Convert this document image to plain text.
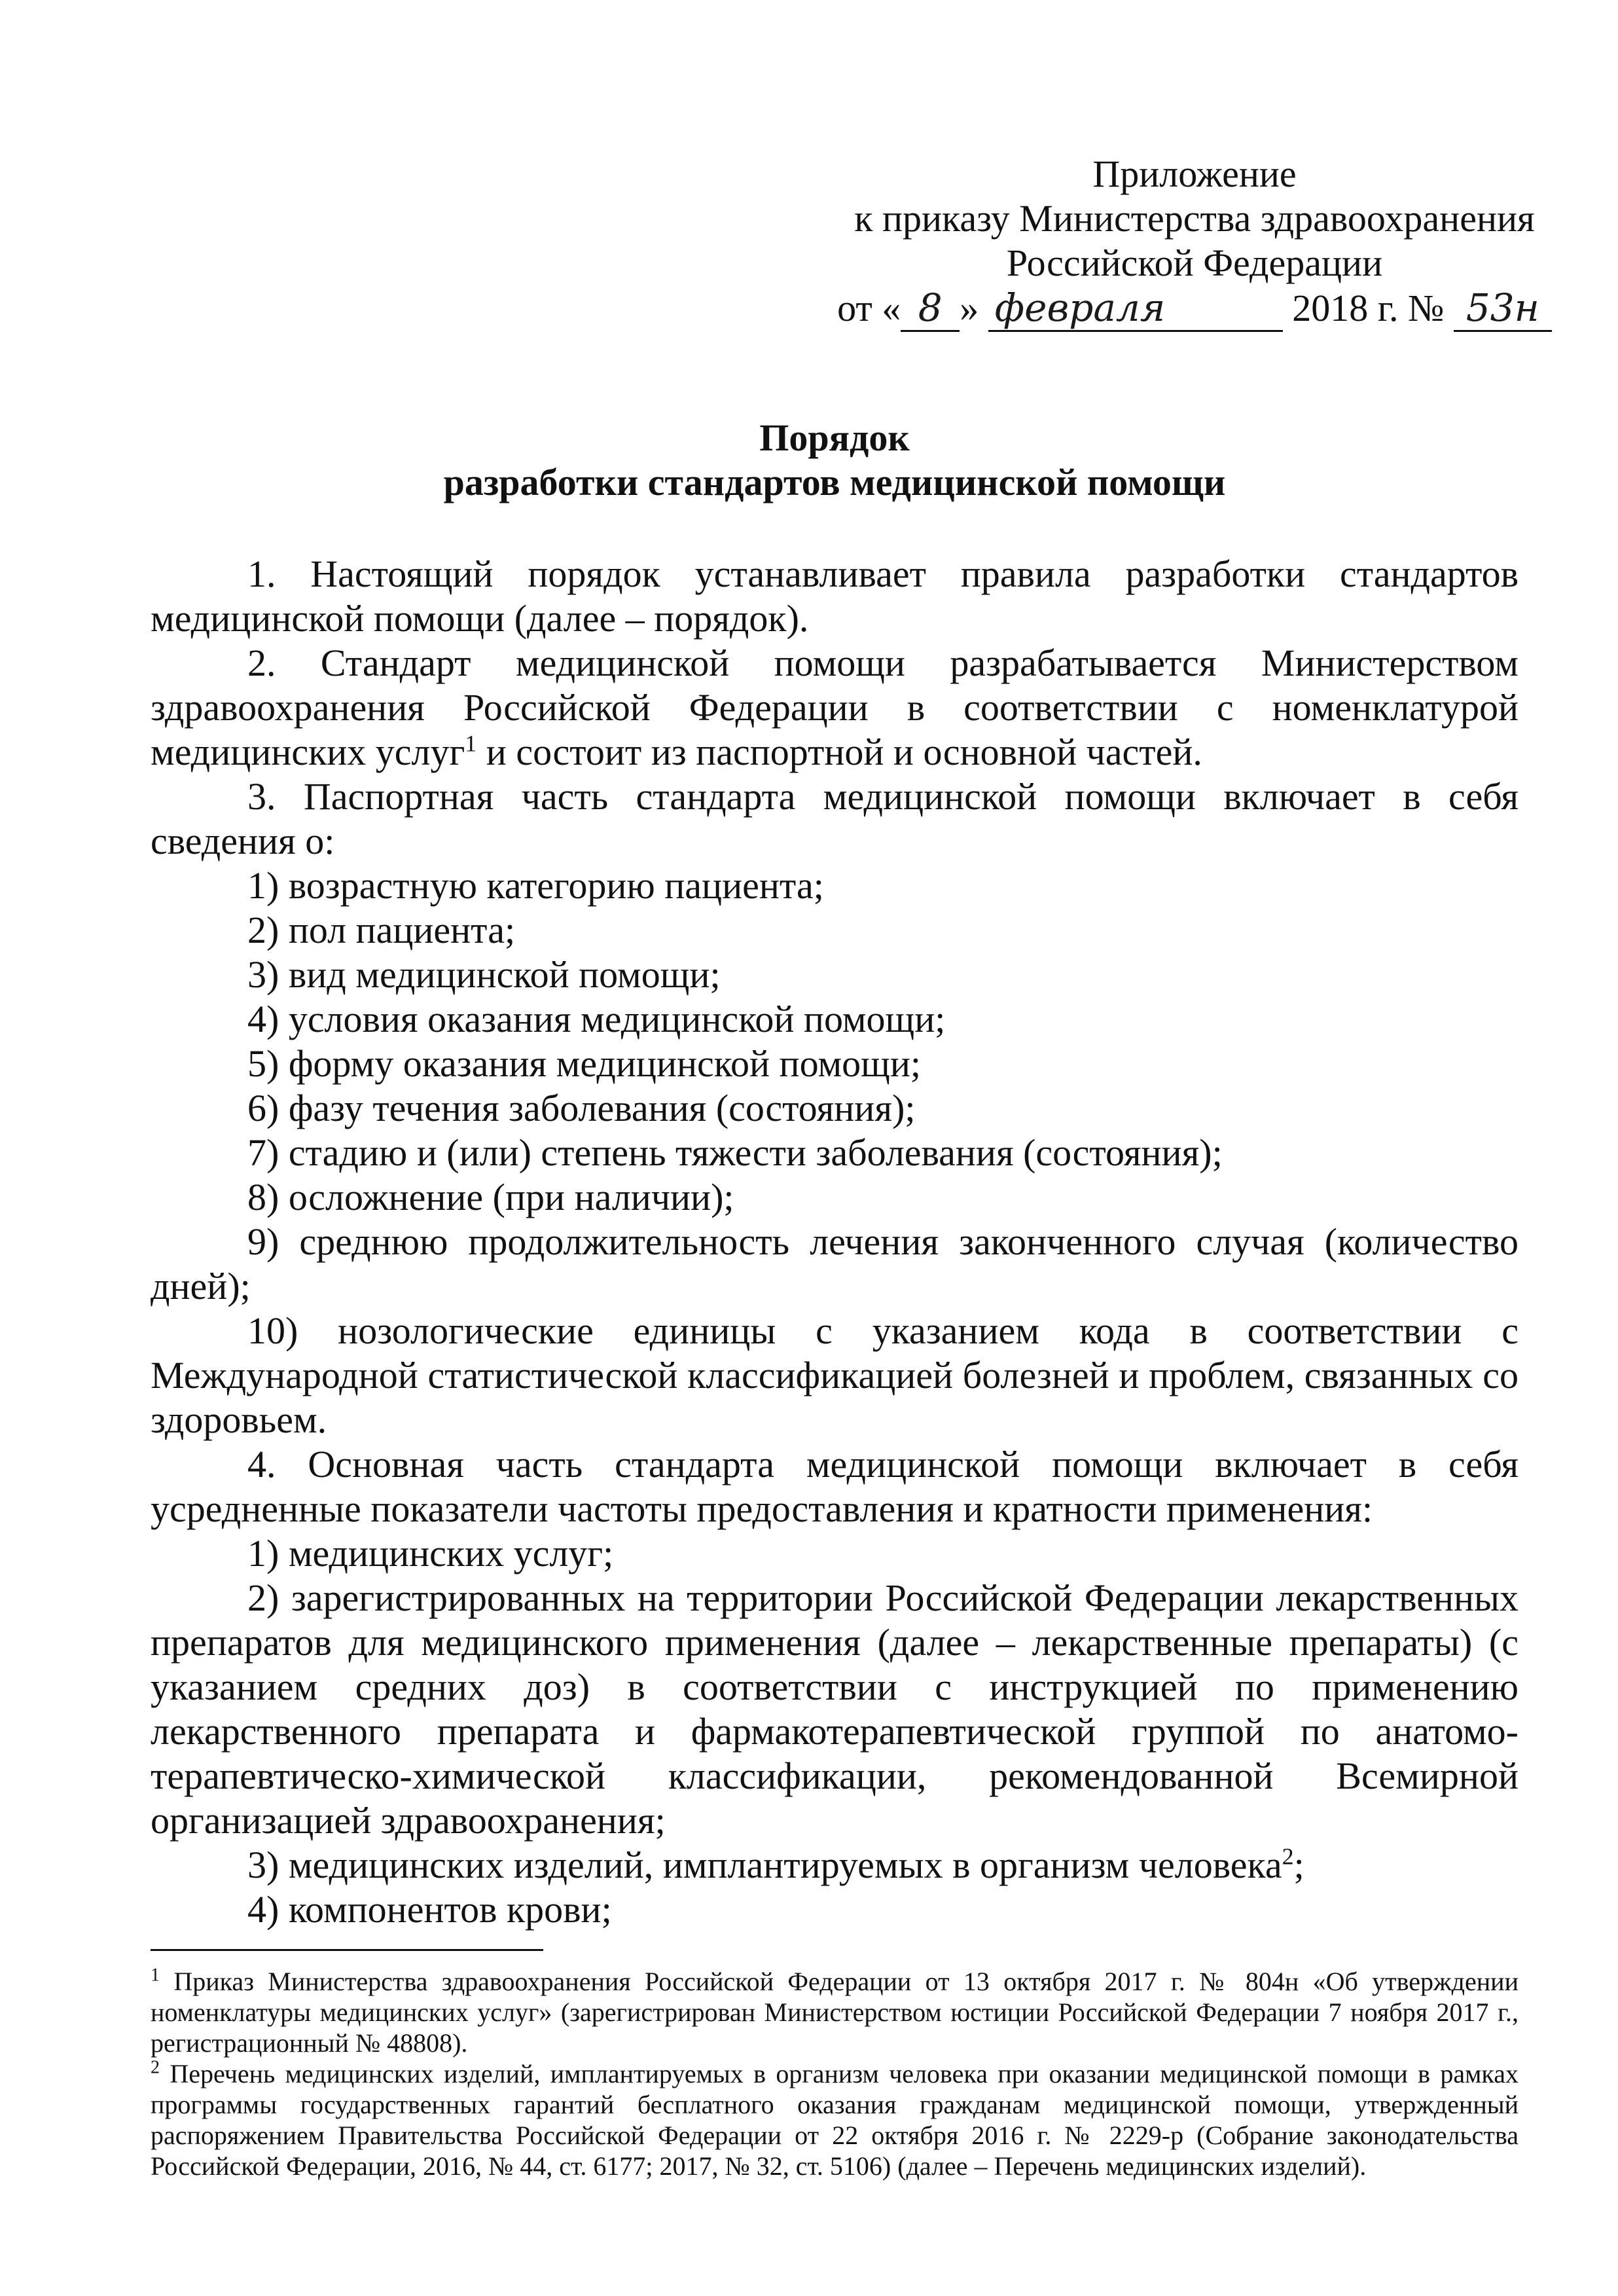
Приложение
к приказу Министерства здравоохранения
Российской Федерации
от « 8 » февраля	2018 г. № 53н
Порядок
разработки стандартов медицинской помощи

1. Настоящий порядок устанавливает правила разработки стандартов медицинской помощи (далее – порядок).

2. Стандарт медицинской помощи разрабатывается Министерством здравоохранения Российской Федерации в соответствии с номенклатурой медицинских услуг$^1$ и состоит из паспортной и основной частей.

3. Паспортная часть стандарта медицинской помощи включает в себя сведения о:

1) возрастную категорию пациента;

2) пол пациента;

3) вид медицинской помощи;

4) условия оказания медицинской помощи;

5) форму оказания медицинской помощи;

6) фазу течения заболевания (состояния);

7) стадию и (или) степень тяжести заболевания (состояния);

8) осложнение (при наличии);

9) среднюю продолжительность лечения законченного случая (количество дней);

10) нозологические единицы с указанием кода в соответствии с Международной статистической классификацией болезней и проблем, связанных со здоровьем.

4. Основная часть стандарта медицинской помощи включает в себя усредненные показатели частоты предоставления и кратности применения:

1) медицинских услуг;

2) зарегистрированных на территории Российской Федерации лекарственных препаратов для медицинского применения (далее – лекарственные препараты) (с указанием средних доз) в соответствии с инструкцией по применению лекарственного препарата и фармакотерапевтической группой по анатомо-терапевтическо-химической классификации, рекомендованной Всемирной организацией здравоохранения;

3) медицинских изделий, имплантируемых в организм человека$^2$;

4) компонентов крови;

$^1$ Приказ Министерства здравоохранения Российской Федерации от 13 октября 2017 г. № 804н «Об утверждении номенклатуры медицинских услуг» (зарегистрирован Министерством юстиции Российской Федерации 7 ноября 2017 г., регистрационный № 48808).

$^2$ Перечень медицинских изделий, имплантируемых в организм человека при оказании медицинской помощи в рамках программы государственных гарантий бесплатного оказания гражданам медицинской помощи, утвержденный распоряжением Правительства Российской Федерации от 22 октября 2016 г. № 2229-р (Собрание законодательства Российской Федерации, 2016, № 44, ст. 6177; 2017, № 32, ст. 5106) (далее – Перечень медицинских изделий).
